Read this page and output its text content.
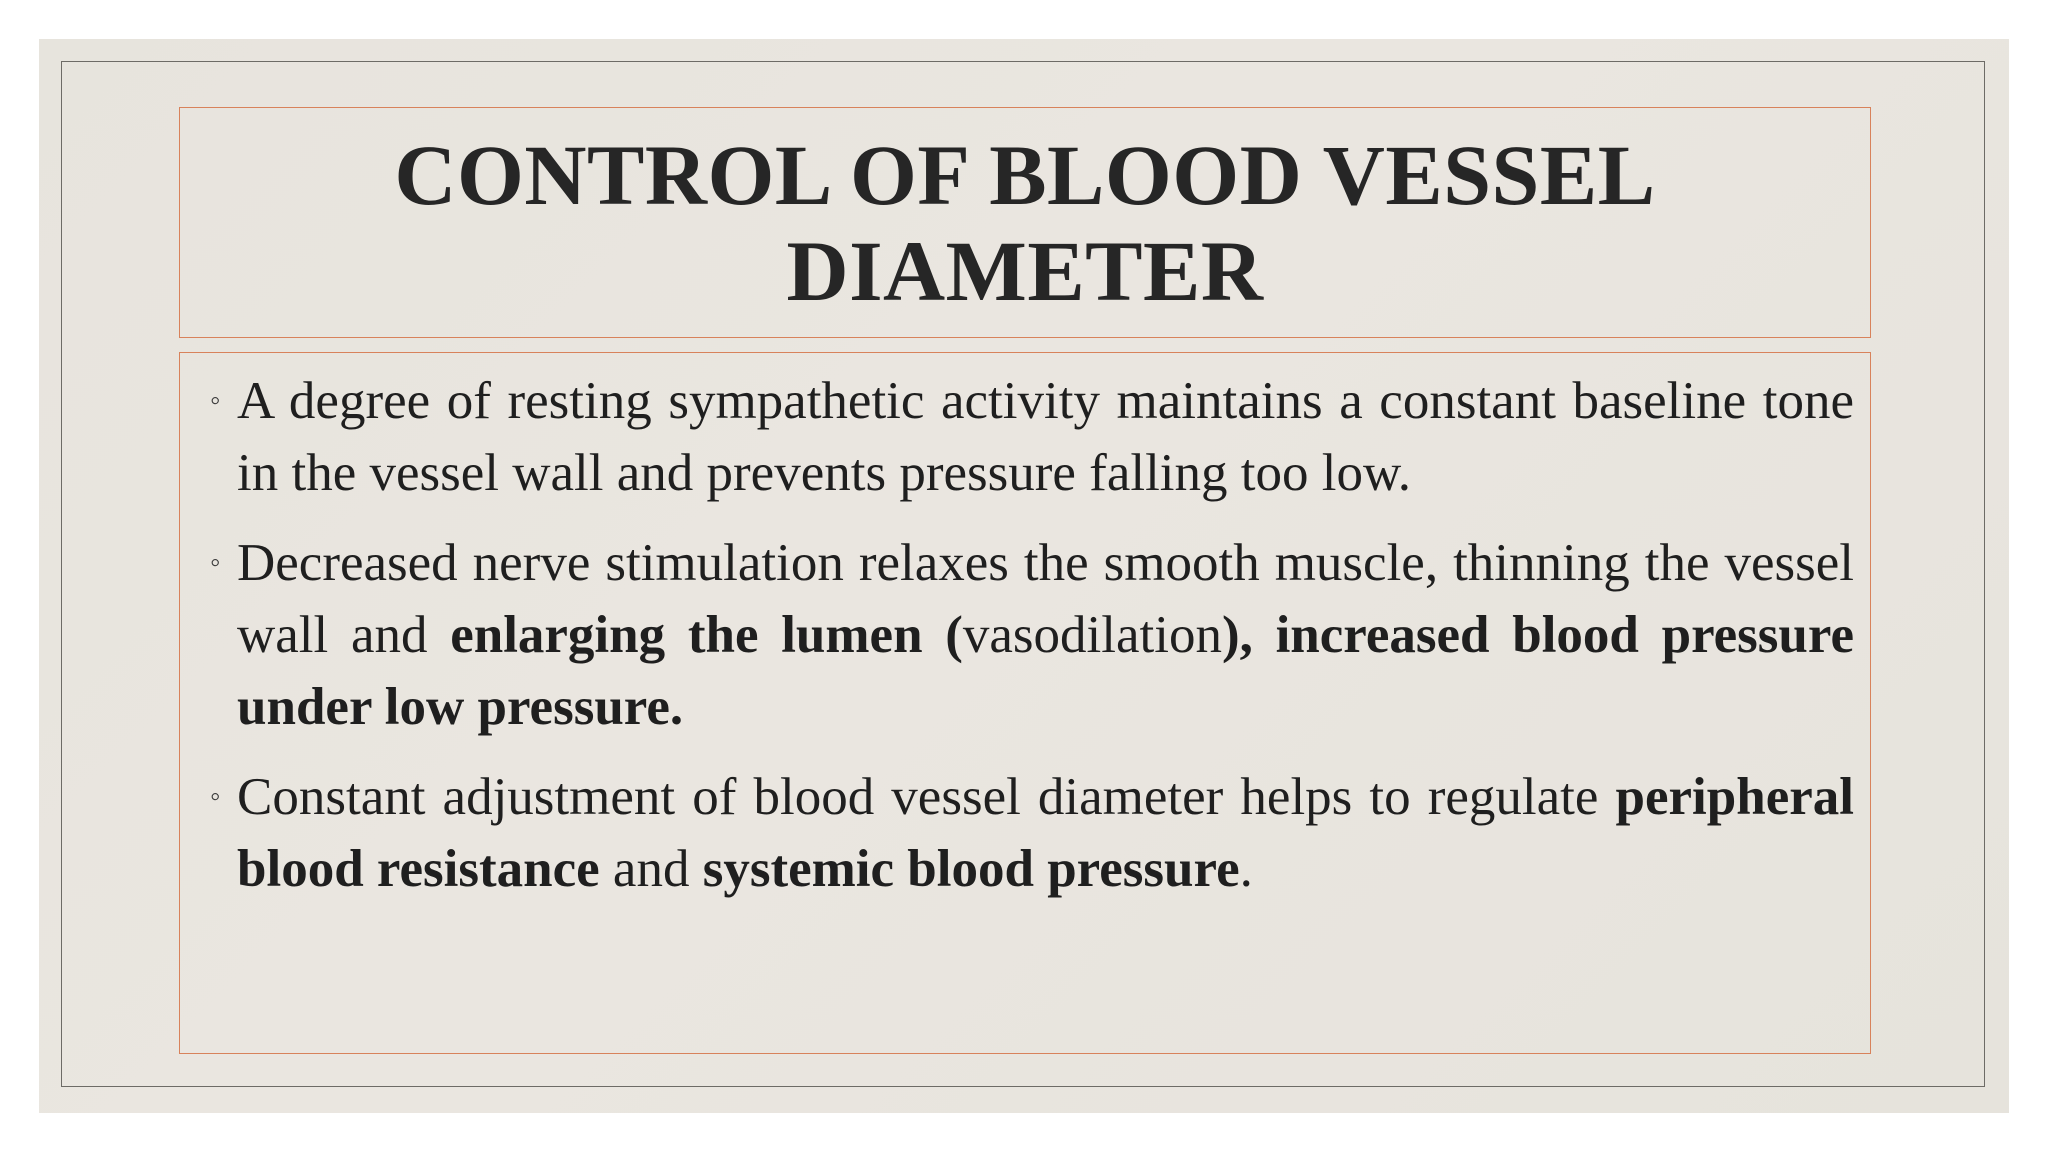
CONTROL OF BLOOD VESSEL DIAMETER
◦ A degree of resting sympathetic activity maintains a constant baseline tone in the vessel wall and prevents pressure falling too low.
◦ Decreased nerve stimulation relaxes the smooth muscle, thinning the vessel wall and enlarging the lumen (vasodilation), increased blood pressure under low pressure.
◦ Constant adjustment of blood vessel diameter helps to regulate peripheral blood resistance and systemic blood pressure.
